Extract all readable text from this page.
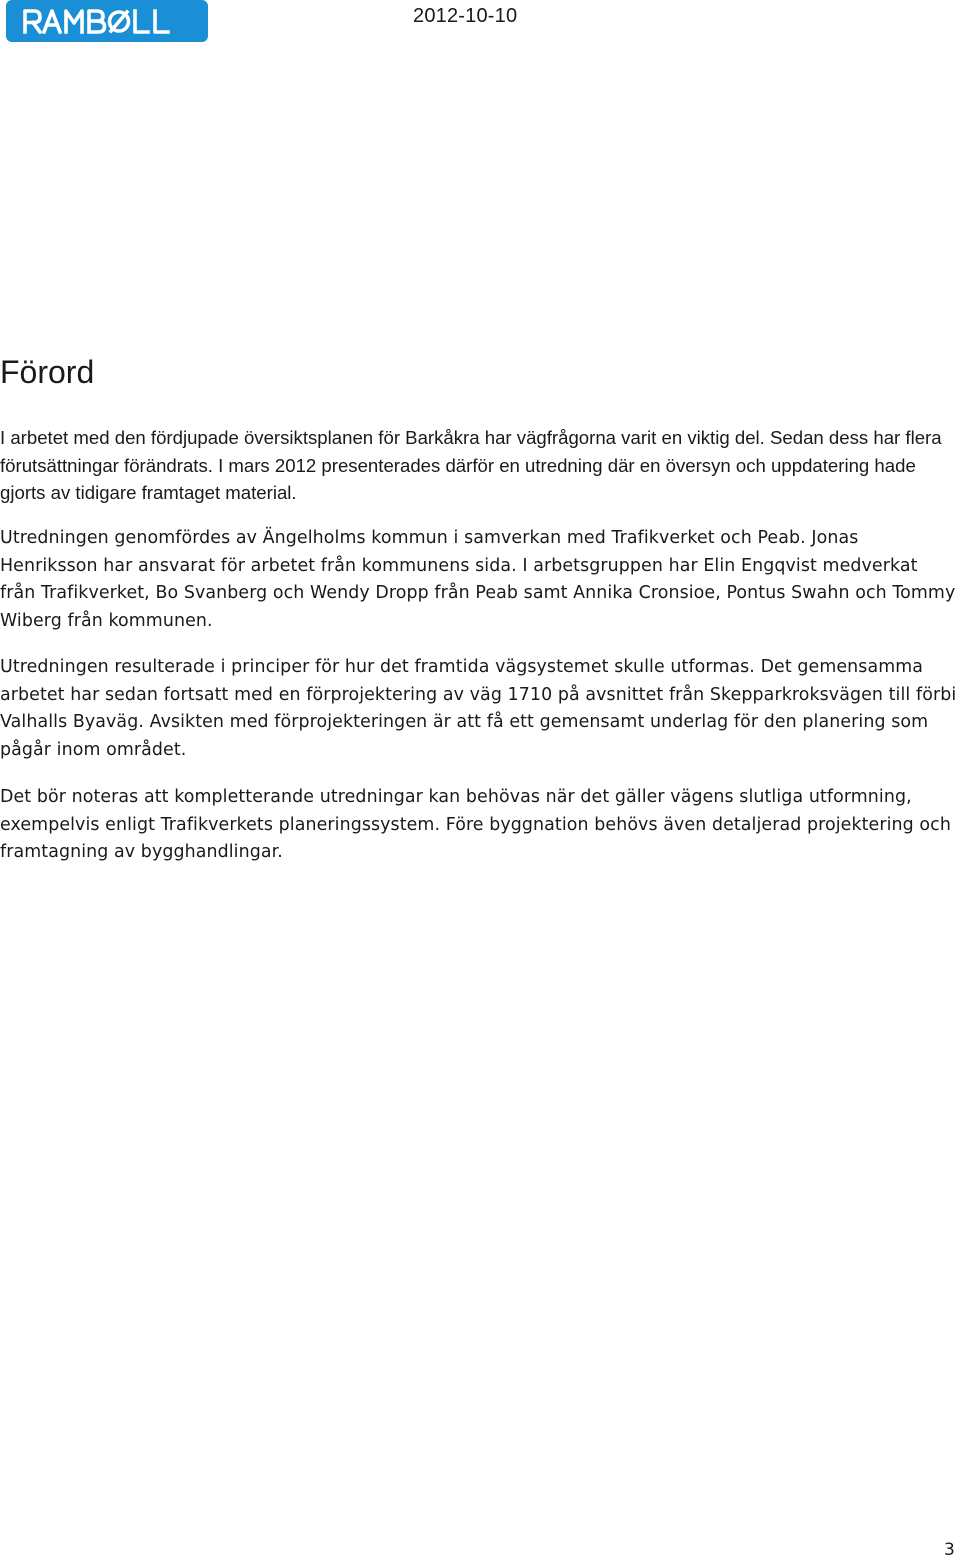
2012-10-10
Förord

I arbetet med den fördjupade översiktsplanen för Barkåkra har vägfrågorna varit en viktig del. Sedan dess har flera förutsättningar förändrats. I mars 2012 presenterades därför en utredning där en översyn och uppdatering hade gjorts av tidigare framtaget material.

Utredningen genomfördes av Ängelholms kommun i samverkan med Trafikverket och Peab. Jonas Henriksson har ansvarat för arbetet från kommunens sida. I arbetsgruppen har Elin Engqvist medverkat från Trafikverket, Bo Svanberg och Wendy Dropp från Peab samt Annika Cronsioe, Pontus Swahn och Tommy Wiberg från kommunen.

Utredningen resulterade i principer för hur det framtida vägsystemet skulle utformas. Det gemensamma arbetet har sedan fortsatt med en förprojektering av väg 1710 på avsnittet från Skepparkroksvägen till förbi Valhalls Byaväg. Avsikten med förprojekteringen är att få ett gemensamt underlag för den planering som pågår inom området.

Det bör noteras att kompletterande utredningar kan behövas när det gäller vägens slutliga utformning, exempelvis enligt Trafikverkets planeringssystem. Före byggnation behövs även detaljerad projektering och framtagning av bygghandlingar.

3
